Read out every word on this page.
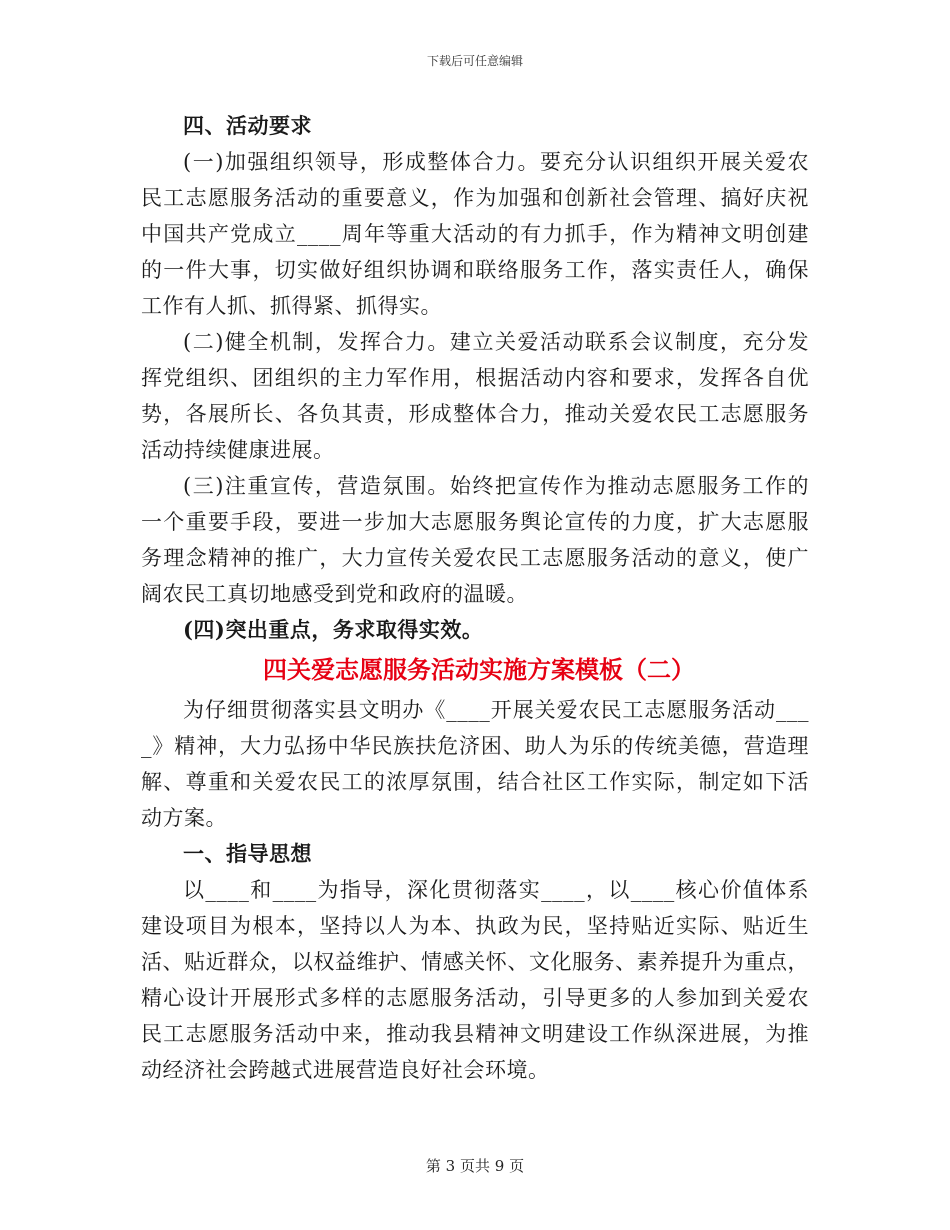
下载后可任意编辑
四、活动要求
(一)加强组织领导，形成整体合力。要充分认识组织开展关爱农
民工志愿服务活动的重要意义，作为加强和创新社会管理、搞好庆祝
中国共产党成立____周年等重大活动的有力抓手，作为精神文明创建
的一件大事，切实做好组织协调和联络服务工作，落实责任人，确保
工作有人抓、抓得紧、抓得实。
(二)健全机制，发挥合力。建立关爱活动联系会议制度，充分发
挥党组织、团组织的主力军作用，根据活动内容和要求，发挥各自优
势，各展所长、各负其责，形成整体合力，推动关爱农民工志愿服务
活动持续健康进展。
(三)注重宣传，营造氛围。始终把宣传作为推动志愿服务工作的
一个重要手段，要进一步加大志愿服务舆论宣传的力度，扩大志愿服
务理念精神的推广，大力宣传关爱农民工志愿服务活动的意义，使广
阔农民工真切地感受到党和政府的温暖。
(四)突出重点，务求取得实效。
四关爱志愿服务活动实施方案模板（二）
为仔细贯彻落实县文明办《____开展关爱农民工志愿服务活动___
_》精神，大力弘扬中华民族扶危济困、助人为乐的传统美德，营造理
解、尊重和关爱农民工的浓厚氛围，结合社区工作实际，制定如下活
动方案。
一、指导思想
以____和____为指导，深化贯彻落实____，以____核心价值体系
建设项目为根本，坚持以人为本、执政为民，坚持贴近实际、贴近生
活、贴近群众，以权益维护、情感关怀、文化服务、素养提升为重点，
精心设计开展形式多样的志愿服务活动，引导更多的人参加到关爱农
民工志愿服务活动中来，推动我县精神文明建设工作纵深进展，为推
动经济社会跨越式进展营造良好社会环境。
第 3 页共 9 页
